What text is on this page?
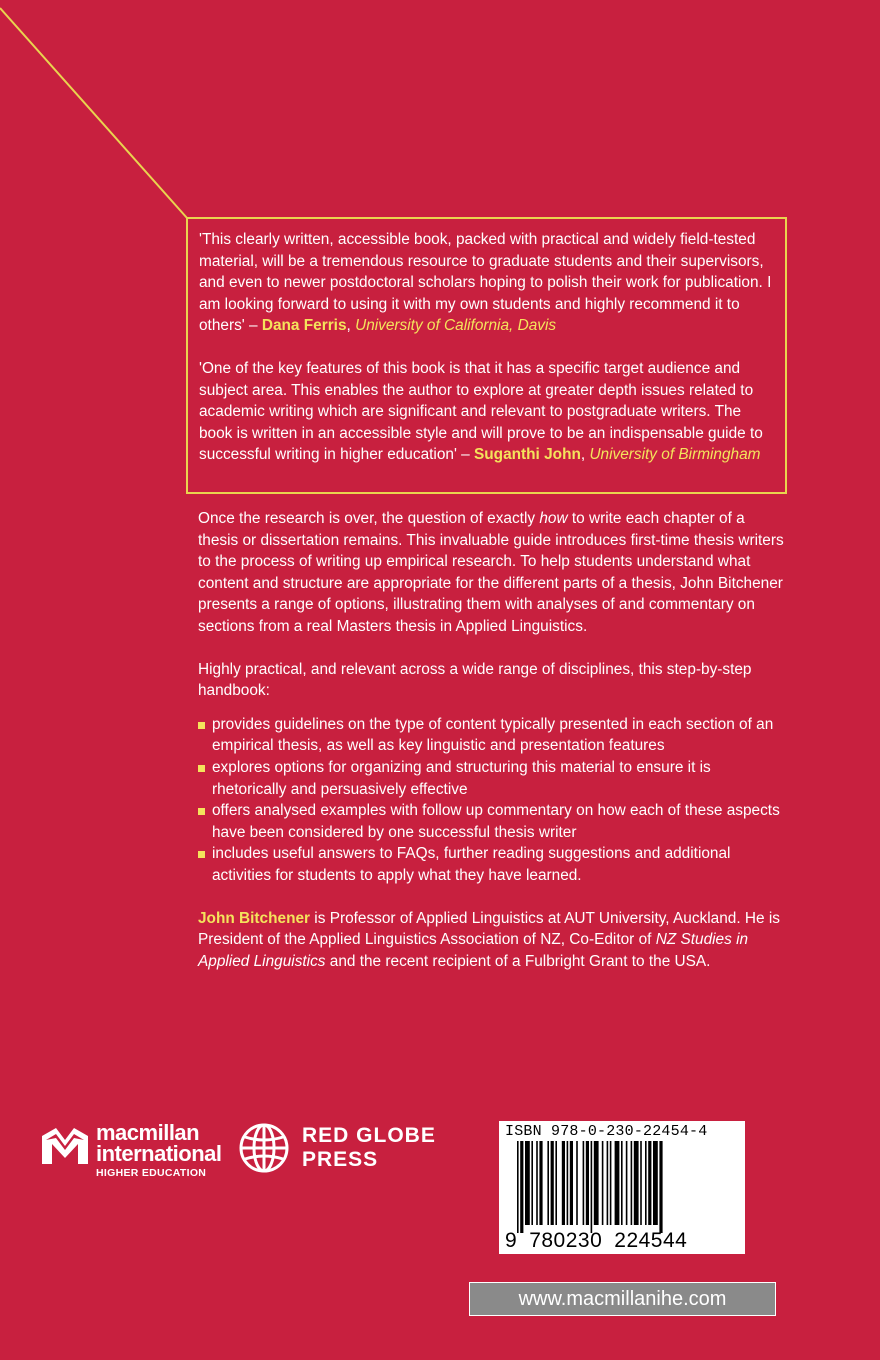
'This clearly written, accessible book, packed with practical and widely field-tested material, will be a tremendous resource to graduate students and their supervisors, and even to newer postdoctoral scholars hoping to polish their work for publication. I am looking forward to using it with my own students and highly recommend it to others' – Dana Ferris, University of California, Davis

'One of the key features of this book is that it has a specific target audience and subject area. This enables the author to explore at greater depth issues related to academic writing which are significant and relevant to postgraduate writers. The book is written in an accessible style and will prove to be an indispensable guide to successful writing in higher education' – Suganthi John, University of Birmingham

Once the research is over, the question of exactly how to write each chapter of a thesis or dissertation remains. This invaluable guide introduces first-time thesis writers to the process of writing up empirical research. To help students understand what content and structure are appropriate for the different parts of a thesis, John Bitchener presents a range of options, illustrating them with analyses of and commentary on sections from a real Masters thesis in Applied Linguistics.

Highly practical, and relevant across a wide range of disciplines, this step-by-step handbook:

provides guidelines on the type of content typically presented in each section of an empirical thesis, as well as key linguistic and presentation features
explores options for organizing and structuring this material to ensure it is rhetorically and persuasively effective
offers analysed examples with follow up commentary on how each of these aspects have been considered by one successful thesis writer
includes useful answers to FAQs, further reading suggestions and additional activities for students to apply what they have learned.

John Bitchener is Professor of Applied Linguistics at AUT University, Auckland. He is President of the Applied Linguistics Association of NZ, Co-Editor of NZ Studies in Applied Linguistics and the recent recipient of a Fulbright Grant to the USA.

macmillan
international
HIGHER EDUCATION
RED GLOBE
PRESS
ISBN 978-0-230-22454-4
9 780230 224544
www.macmillanihe.com
